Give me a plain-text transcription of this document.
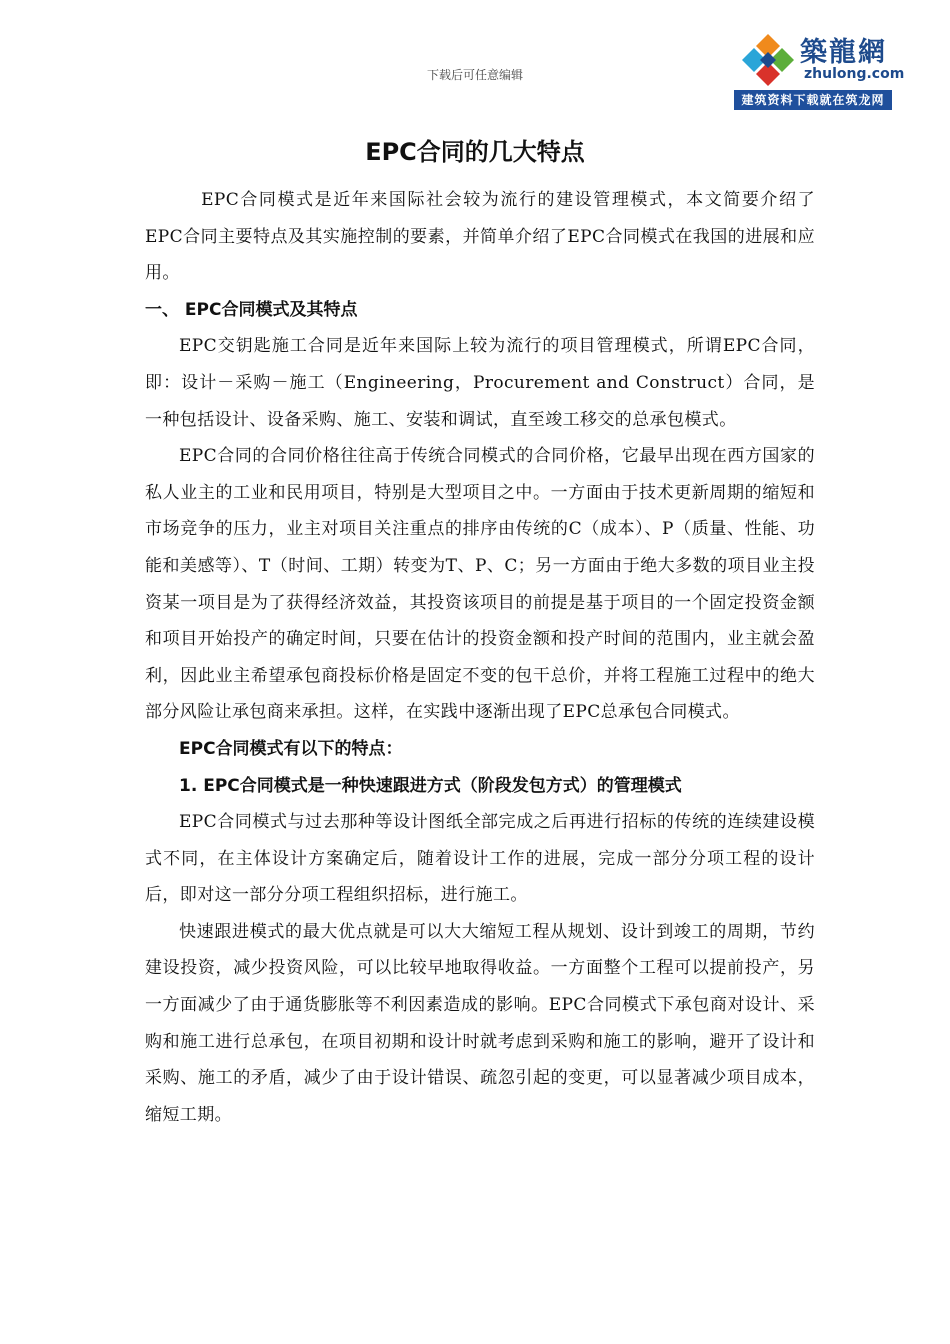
下载后可任意编辑
築龍網
zhulong.com
建筑资料下载就在筑龙网
EPC合同的几大特点

EPC合同模式是近年来国际社会较为流行的建设管理模式，本文简要介绍了EPC合同主要特点及其实施控制的要素，并简单介绍了EPC合同模式在我国的进展和应用。

一、 EPC合同模式及其特点

EPC交钥匙施工合同是近年来国际上较为流行的项目管理模式，所谓EPC合同，即：设计－采购－施工（Engineering，Procurement and Construct）合同，是一种包括设计、设备采购、施工、安装和调试，直至竣工移交的总承包模式。

EPC合同的合同价格往往高于传统合同模式的合同价格，它最早出现在西方国家的私人业主的工业和民用项目，特别是大型项目之中。一方面由于技术更新周期的缩短和市场竞争的压力，业主对项目关注重点的排序由传统的C（成本）、P（质量、性能、功能和美感等）、T（时间、工期）转变为T、P、C；另一方面由于绝大多数的项目业主投资某一项目是为了获得经济效益，其投资该项目的前提是基于项目的一个固定投资金额和项目开始投产的确定时间，只要在估计的投资金额和投产时间的范围内，业主就会盈利，因此业主希望承包商投标价格是固定不变的包干总价，并将工程施工过程中的绝大部分风险让承包商来承担。这样，在实践中逐渐出现了EPC总承包合同模式。

EPC合同模式有以下的特点：

1. EPC合同模式是一种快速跟进方式（阶段发包方式）的管理模式

EPC合同模式与过去那种等设计图纸全部完成之后再进行招标的传统的连续建设模式不同，在主体设计方案确定后，随着设计工作的进展，完成一部分分项工程的设计后，即对这一部分分项工程组织招标，进行施工。

快速跟进模式的最大优点就是可以大大缩短工程从规划、设计到竣工的周期，节约建设投资，减少投资风险，可以比较早地取得收益。一方面整个工程可以提前投产，另一方面减少了由于通货膨胀等不利因素造成的影响。EPC合同模式下承包商对设计、采购和施工进行总承包，在项目初期和设计时就考虑到采购和施工的影响，避开了设计和采购、施工的矛盾，减少了由于设计错误、疏忽引起的变更，可以显著减少项目成本，缩短工期。
